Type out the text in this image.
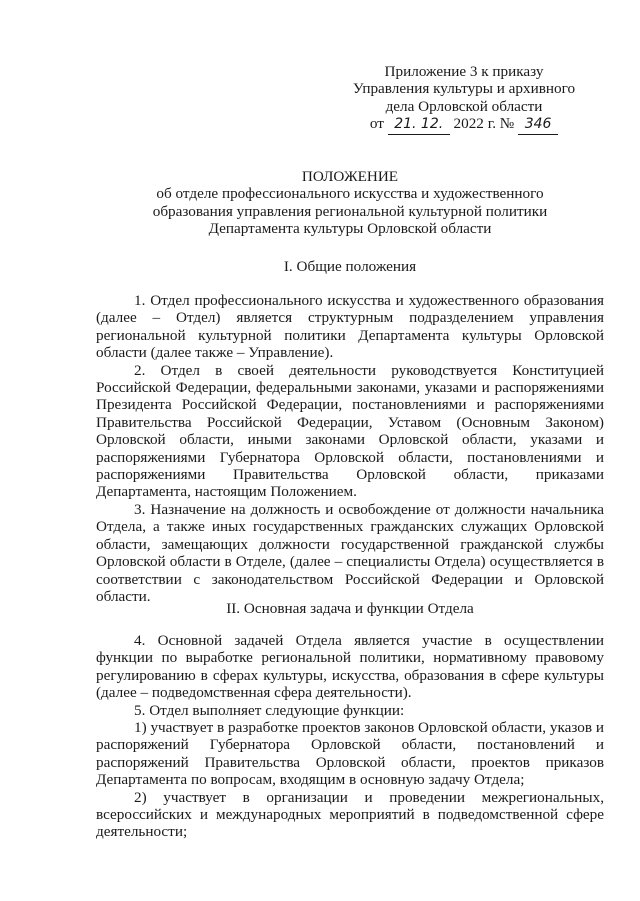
Приложение 3 к приказу
Управления культуры и архивного
дела Орловской области
от 21. 12. 2022 г. № 346
ПОЛОЖЕНИЕ
об отделе профессионального искусства и художественного
образования управления региональной культурной политики
Департамента культуры Орловской области
I. Общие положения

1. Отдел профессионального искусства и художественного образования (далее – Отдел) является структурным подразделением управления региональной культурной политики Департамента культуры Орловской области (далее также – Управление).

2. Отдел в своей деятельности руководствуется Конституцией Российской Федерации, федеральными законами, указами и распоряжениями Президента Российской Федерации, постановлениями и распоряжениями Правительства Российской Федерации, Уставом (Основным Законом) Орловской области, иными законами Орловской области, указами и распоряжениями Губернатора Орловской области, постановлениями и распоряжениями Правительства Орловской области, приказами Департамента, настоящим Положением.

3. Назначение на должность и освобождение от должности начальника Отдела, а также иных государственных гражданских служащих Орловской области, замещающих должности государственной гражданской службы Орловской области в Отделе, (далее – специалисты Отдела) осуществляется в соответствии с законодательством Российской Федерации и Орловской области.

II. Основная задача и функции Отдела

4. Основной задачей Отдела является участие в осуществлении функции по выработке региональной политики, нормативному правовому регулированию в сферах культуры, искусства, образования в сфере культуры (далее – подведомственная сфера деятельности).

5. Отдел выполняет следующие функции:

1) участвует в разработке проектов законов Орловской области, указов и распоряжений Губернатора Орловской области, постановлений и распоряжений Правительства Орловской области, проектов приказов Департамента по вопросам, входящим в основную задачу Отдела;

2) участвует в организации и проведении межрегиональных, всероссийских и международных мероприятий в подведомственной сфере деятельности;
